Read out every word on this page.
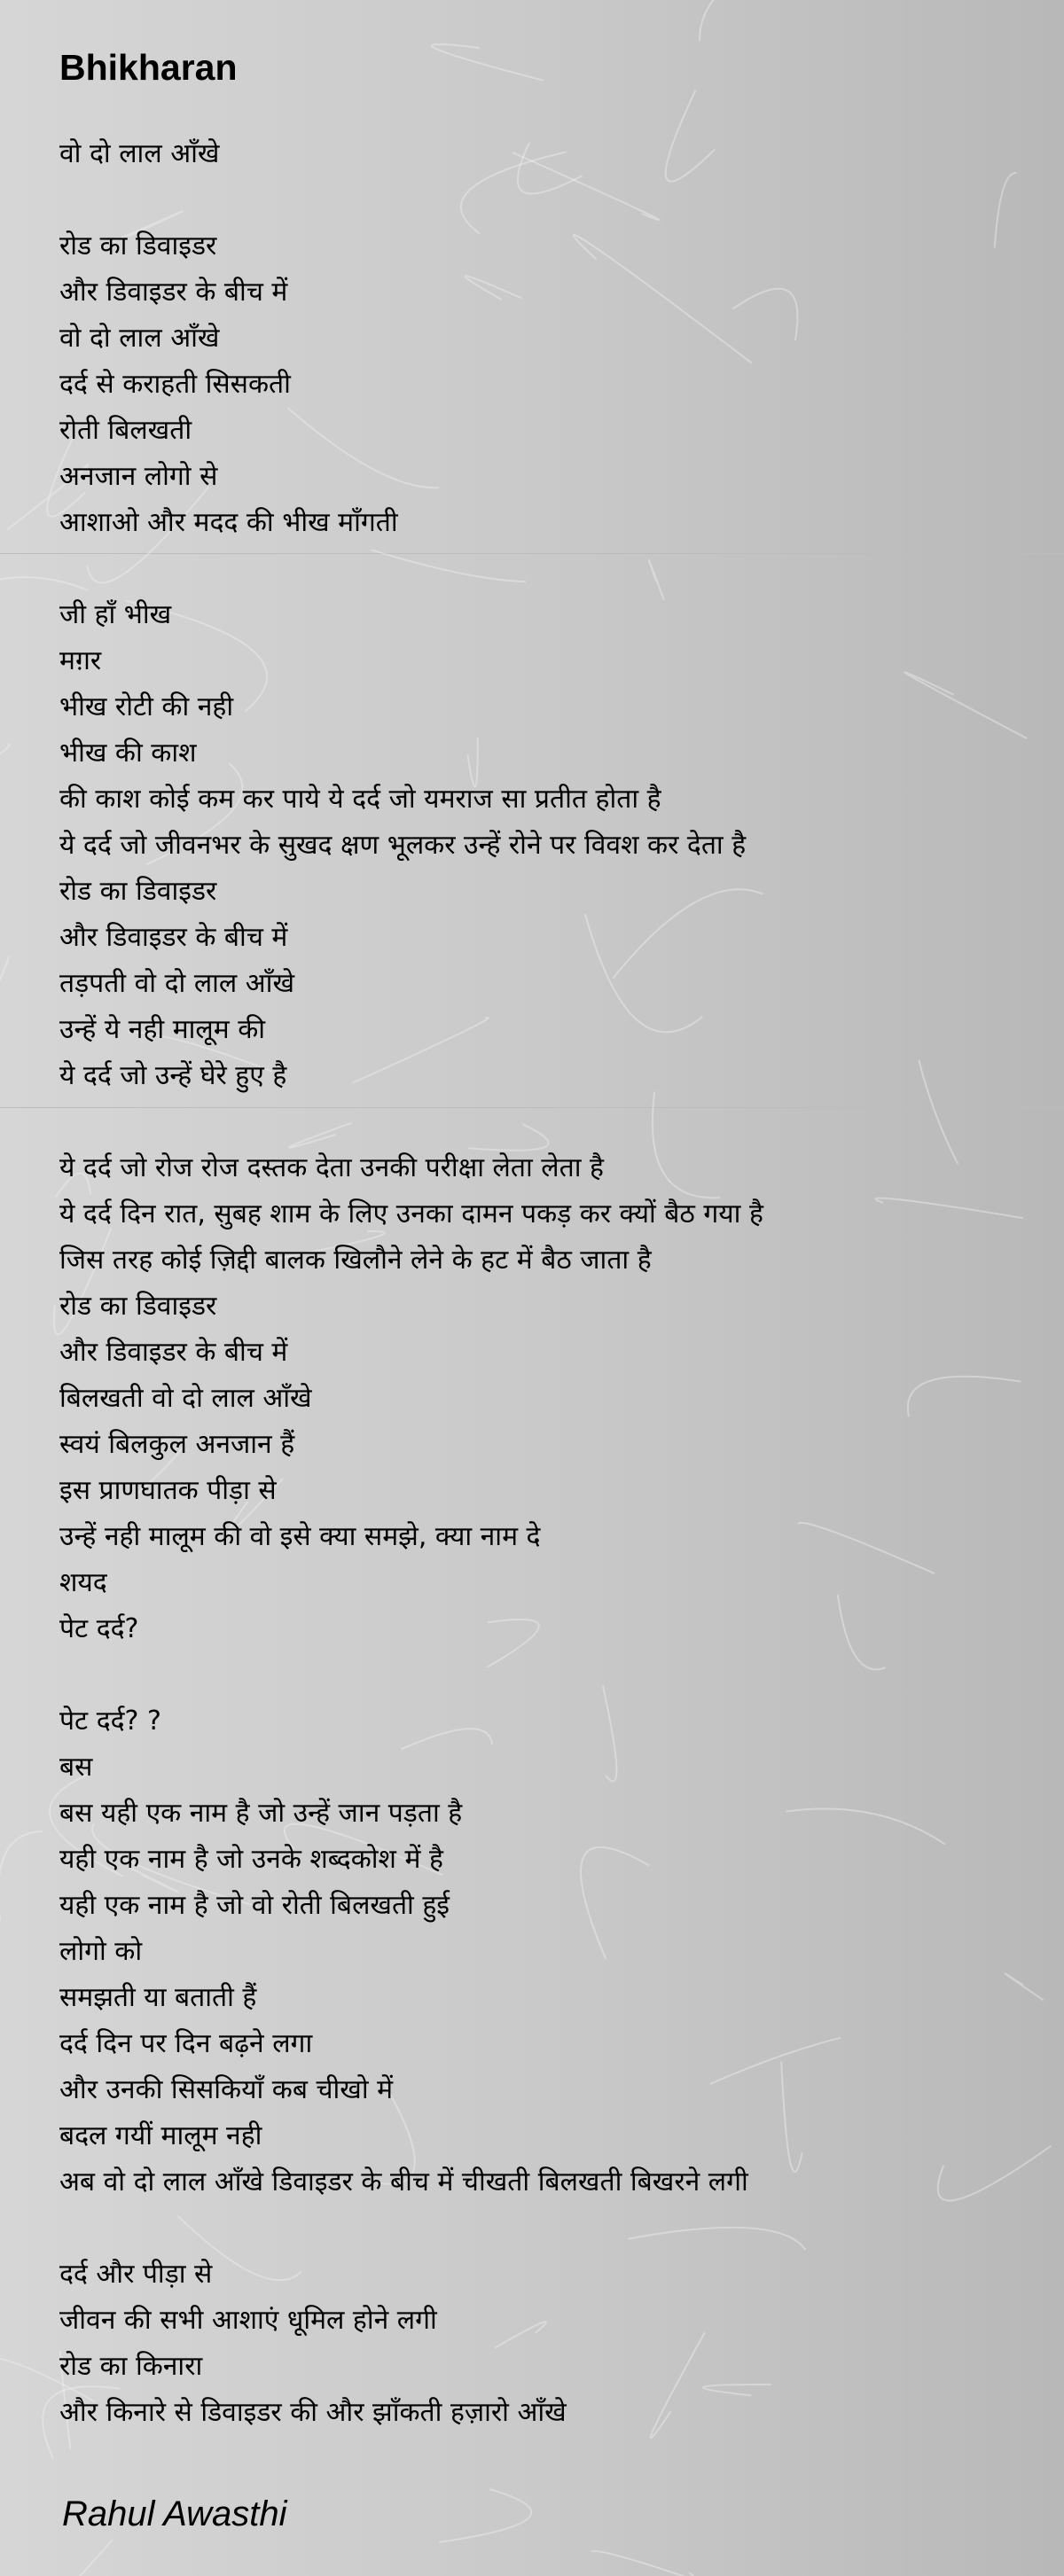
Bhikharan
वो दो लाल आँखे
रोड का डिवाइडर
और डिवाइडर के बीच में
वो दो लाल आँखे
दर्द से कराहती सिसकती
रोती बिलखती
अनजान लोगो से
आशाओ और मदद की भीख माँगती
जी हाँ भीख
मग़र
भीख रोटी की नही
भीख की काश
की काश कोई कम कर पाये ये दर्द जो यमराज सा प्रतीत होता है
ये दर्द जो जीवनभर के सुखद क्षण भूलकर उन्हें रोने पर विवश कर देता है
रोड का डिवाइडर
और डिवाइडर के बीच में
तड़पती वो दो लाल आँखे
उन्हें ये नही मालूम की
ये दर्द जो उन्हें घेरे हुए है
ये दर्द जो रोज रोज दस्तक देता उनकी परीक्षा लेता लेता है
ये दर्द दिन रात, सुबह शाम के लिए उनका दामन पकड़ कर क्यों बैठ गया है
जिस तरह कोई ज़िद्दी बालक खिलौने लेने के हट में बैठ जाता है
रोड का डिवाइडर
और डिवाइडर के बीच में
बिलखती वो दो लाल आँखे
स्वयं बिलकुल अनजान हैं
इस प्राणघातक पीड़ा से
उन्हें नही मालूम की वो इसे क्या समझे, क्या नाम दे
शयद
पेट दर्द?
पेट दर्द? ?
बस
बस यही एक नाम है जो उन्हें जान पड़ता है
यही एक नाम है जो उनके शब्दकोश में है
यही एक नाम है जो वो रोती बिलखती हुई
लोगो को
समझती या बताती हैं
दर्द दिन पर दिन बढ़ने लगा
और उनकी सिसकियाँ कब चीखो में
बदल गयीं मालूम नही
अब वो दो लाल आँखे डिवाइडर के बीच में चीखती बिलखती बिखरने लगी
दर्द और पीड़ा से
जीवन की सभी आशाएं धूमिल होने लगी
रोड का किनारा
और किनारे से डिवाइडर की और झाँकती हज़ारो आँखे
Rahul Awasthi
